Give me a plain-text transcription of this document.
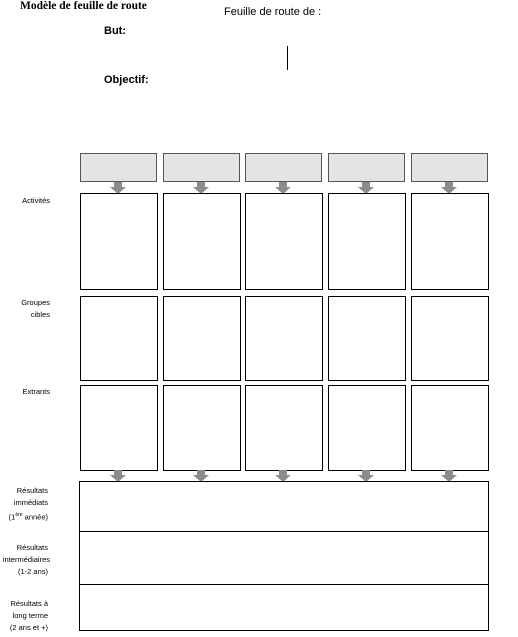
Modèle de feuille de route	Feuille de route de :
But:
Objectif:
Activités
Groupes
cibles
Extrants
Résultats
immédiats
(1ère année)
Résultats
intermédiaires
(1-2 ans)
Résultats à
long terme
(2 ans et +)
